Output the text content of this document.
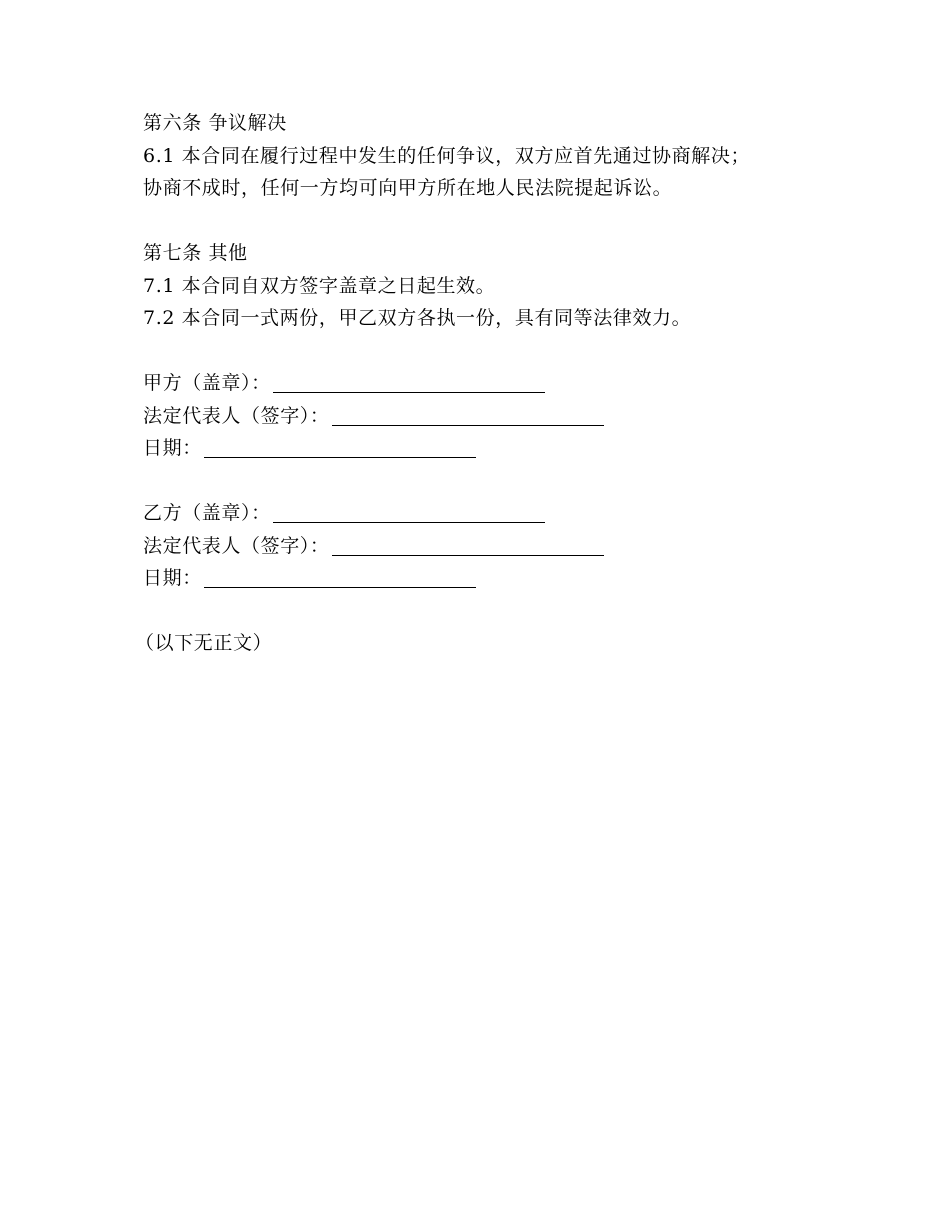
第六条 争议解决
6.1 本合同在履行过程中发生的任何争议，双方应首先通过协商解决；
协商不成时，任何一方均可向甲方所在地人民法院提起诉讼。
第七条 其他
7.1 本合同自双方签字盖章之日起生效。
7.2 本合同一式两份，甲乙双方各执一份，具有同等法律效力。
甲方（盖章）：
法定代表人（签字）：
日期：
乙方（盖章）：
法定代表人（签字）：
日期：
（以下无正文）
